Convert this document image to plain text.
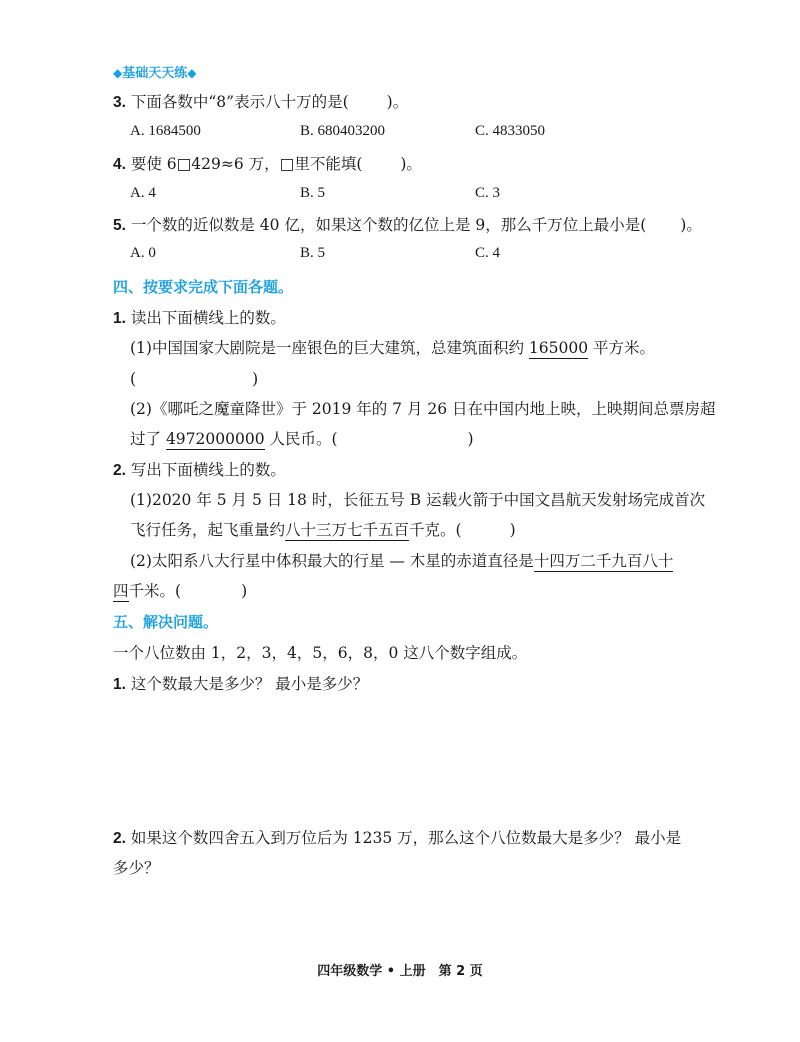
◆基础天天练◆
3. 下面各数中“8”表示八十万的是( )。
A. 1684500	B. 680403200	C. 4833050
4. 要使 6□429≈6 万，□里不能填( )。
A. 4	B. 5	C. 3
5. 一个数的近似数是 40 亿，如果这个数的亿位上是 9，那么千万位上最小是( )。
A. 0	B. 5	C. 4
四、按要求完成下面各题。
1. 读出下面横线上的数。
(1)中国国家大剧院是一座银色的巨大建筑，总建筑面积约 165000 平方米。
(	)
(2)《哪吒之魔童降世》于 2019 年的 7 月 26 日在中国内地上映，上映期间总票房超
过了 4972000000 人民币。(	)
2. 写出下面横线上的数。
(1)2020 年 5 月 5 日 18 时，长征五号 B 运载火箭于中国文昌航天发射场完成首次
飞行任务，起飞重量约八十三万七千五百千克。(	)
(2)太阳系八大行星中体积最大的行星 — 木星的赤道直径是十四万二千九百八十
四千米。(	)
五、解决问题。
一个八位数由 1，2，3，4，5，6，8，0 这八个数字组成。
1. 这个数最大是多少？ 最小是多少？
2. 如果这个数四舍五入到万位后为 1235 万，那么这个八位数最大是多少？ 最小是
多少？
四年级数学 • 上册　第 2 页
